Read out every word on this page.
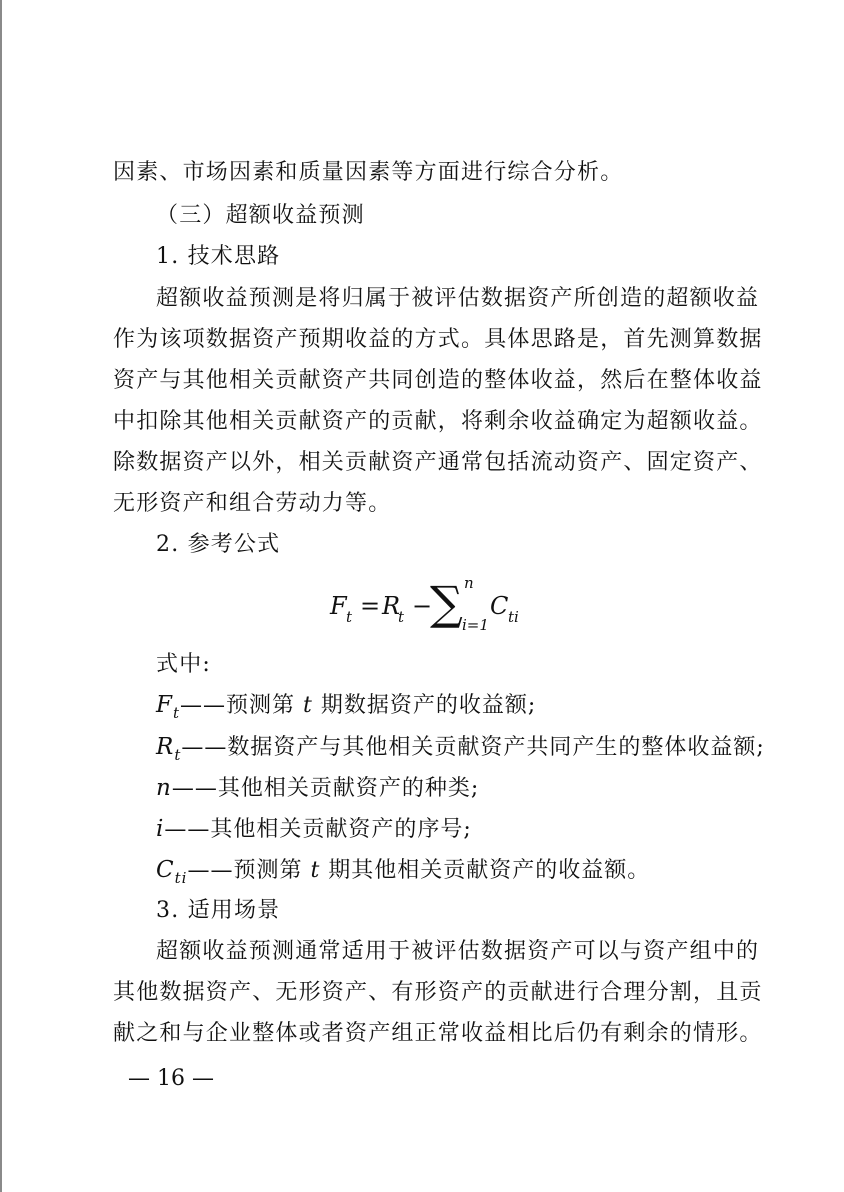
因素、市场因素和质量因素等方面进行综合分析。
（三）超额收益预测
1. 技术思路
超额收益预测是将归属于被评估数据资产所创造的超额收益
作为该项数据资产预期收益的方式。具体思路是，首先测算数据
资产与其他相关贡献资产共同创造的整体收益，然后在整体收益
中扣除其他相关贡献资产的贡献，将剩余收益确定为超额收益。
除数据资产以外，相关贡献资产通常包括流动资产、固定资产、
无形资产和组合劳动力等。
2. 参考公式
F t = R
t −
∑ n
i=1
C ti
式中:
$F_t——$预测第 t 期数据资产的收益额;
$R_t——$数据资产与其他相关贡献资产共同产生的整体收益额;
n——其他相关贡献资产的种类;
i——其他相关贡献资产的序号;
$C_{ti}——$预测第 t 期其他相关贡献资产的收益额。
3. 适用场景
超额收益预测通常适用于被评估数据资产可以与资产组中的
其他数据资产、无形资产、有形资产的贡献进行合理分割，且贡
献之和与企业整体或者资产组正常收益相比后仍有剩余的情形。
— 16 —
